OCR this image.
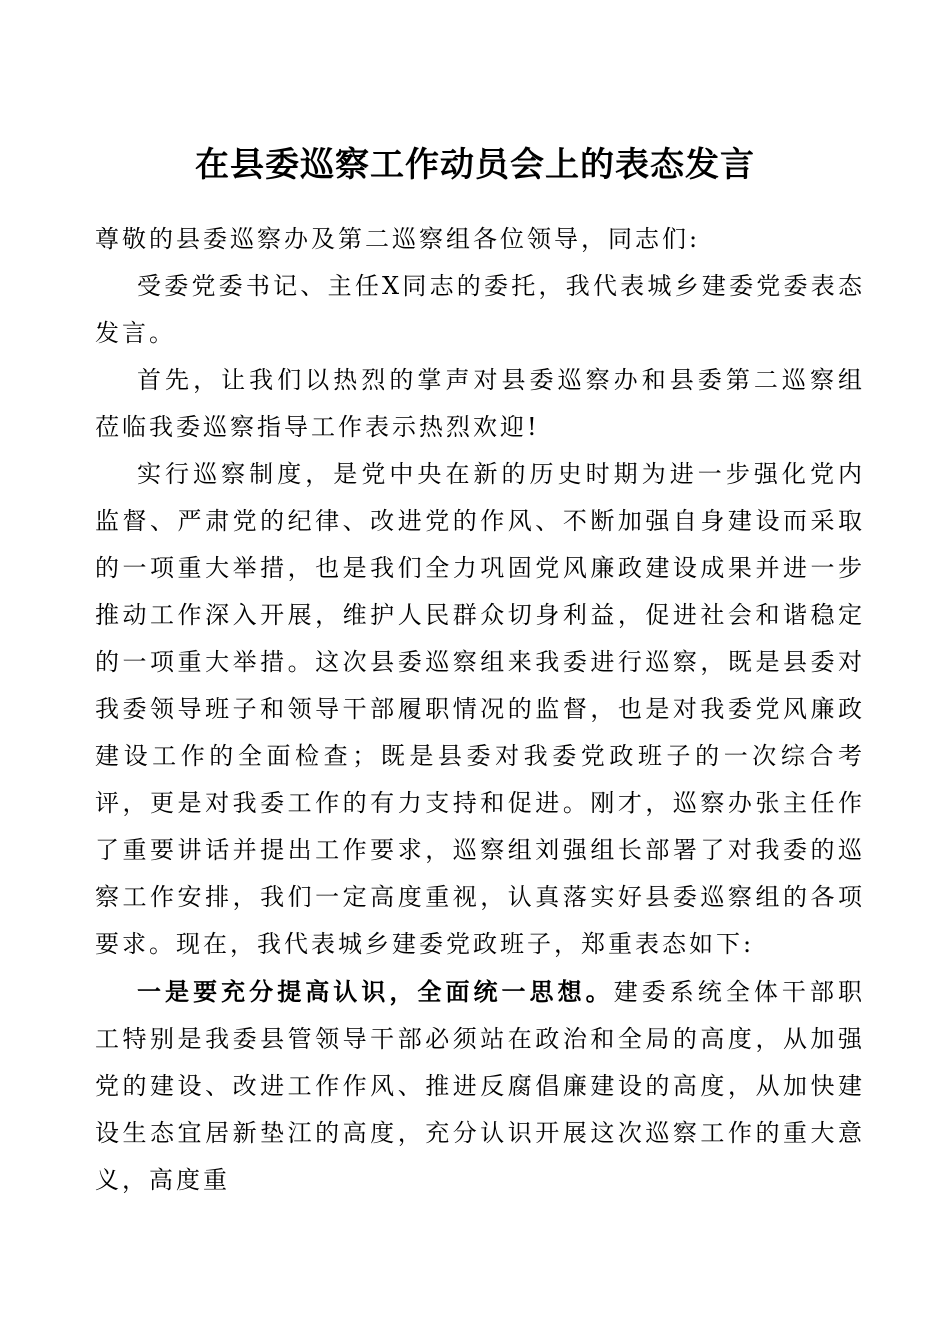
在县委巡察工作动员会上的表态发言

尊敬的县委巡察办及第二巡察组各位领导，同志们:

受委党委书记、主任X同志的委托，我代表城乡建委党委表态发言。

首先，让我们以热烈的掌声对县委巡察办和县委第二巡察组莅临我委巡察指导工作表示热烈欢迎!

实行巡察制度，是党中央在新的历史时期为进一步强化党内监督、严肃党的纪律、改进党的作风、不断加强自身建设而采取的一项重大举措，也是我们全力巩固党风廉政建设成果并进一步推动工作深入开展，维护人民群众切身利益，促进社会和谐稳定的一项重大举措。这次县委巡察组来我委进行巡察，既是县委对我委领导班子和领导干部履职情况的监督，也是对我委党风廉政建设工作的全面检查；既是县委对我委党政班子的一次综合考评，更是对我委工作的有力支持和促进。刚才，巡察办张主任作了重要讲话并提出工作要求，巡察组刘强组长部署了对我委的巡察工作安排，我们一定高度重视，认真落实好县委巡察组的各项要求。现在，我代表城乡建委党政班子，郑重表态如下:

一是要充分提高认识，全面统一思想。建委系统全体干部职工特别是我委县管领导干部必须站在政治和全局的高度，从加强党的建设、改进工作作风、推进反腐倡廉建设的高度，从加快建设生态宜居新垫江的高度，充分认识开展这次巡察工作的重大意义，高度重
